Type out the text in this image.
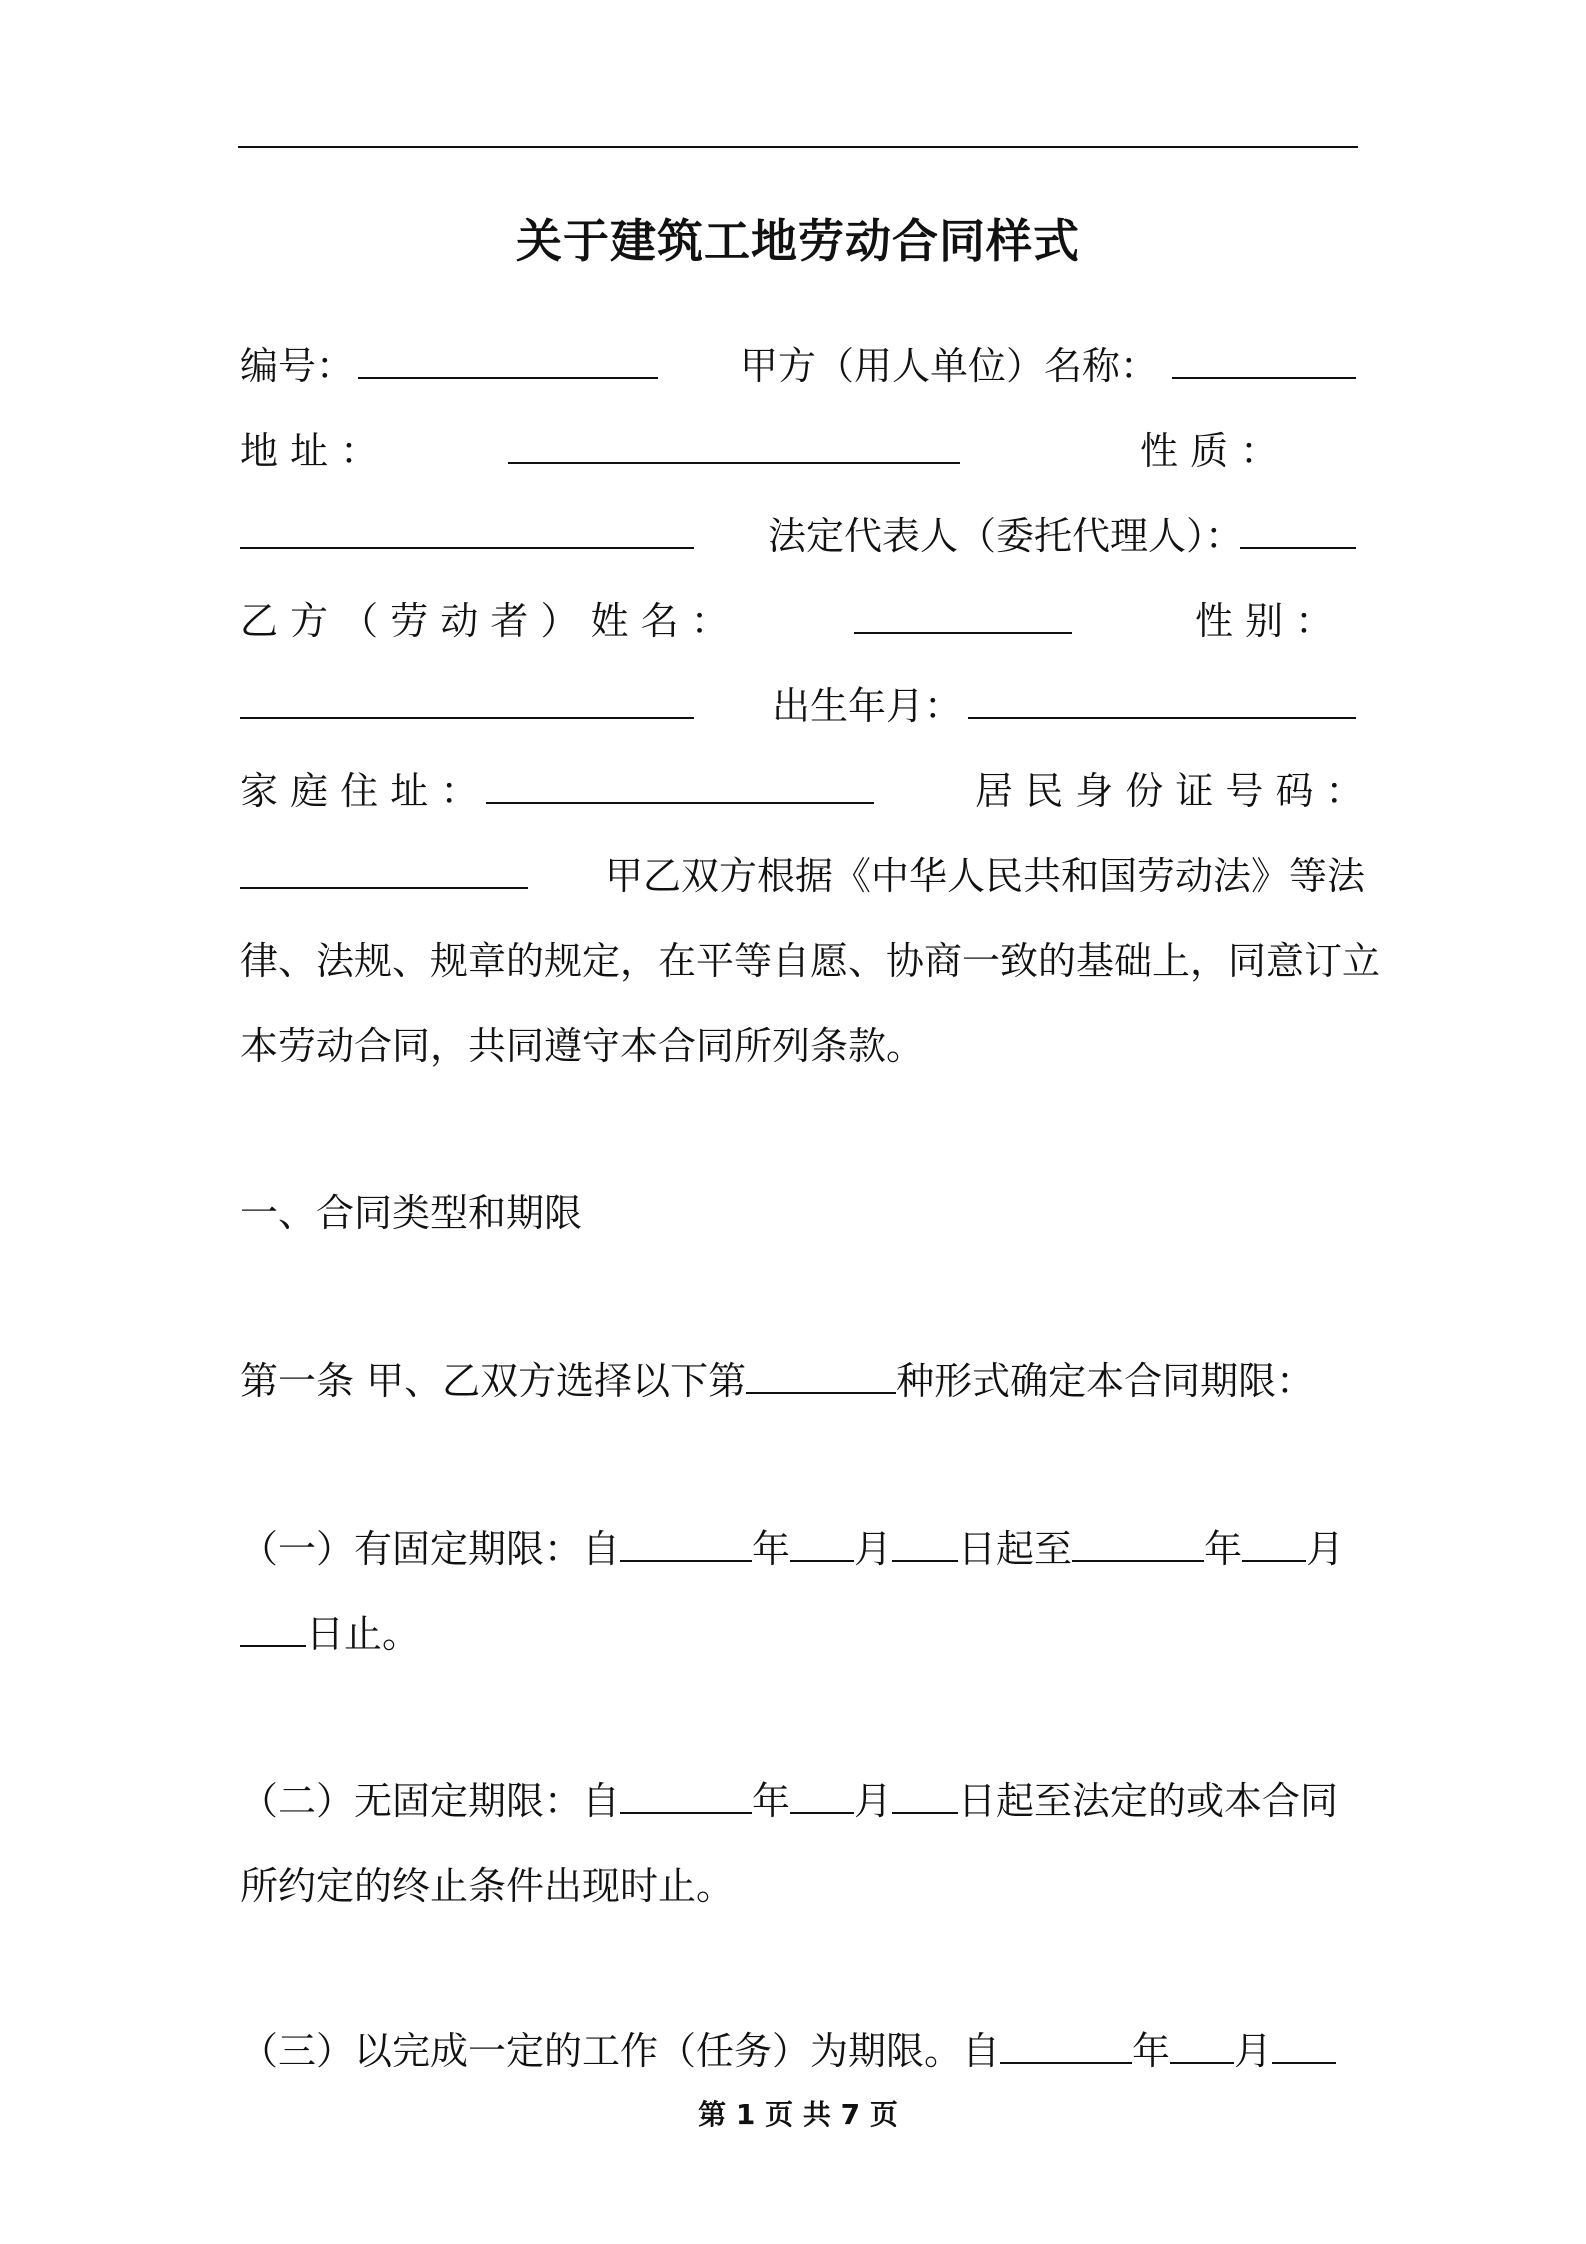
关于建筑工地劳动合同样式
编号：	甲方（用人单位）名称：
地 址 ：	性 质 ：
法定代表人（委托代理人）：
乙 方 （ 劳 动 者 ） 姓 名 ：	性 别 ：
出生年月：
家 庭 住 址 ：	居 民 身 份 证 号 码 ：
甲乙双方根据《中华人民共和国劳动法》等法
律、法规、规章的规定，在平等自愿、协商一致的基础上，同意订立
本劳动合同，共同遵守本合同所列条款。
一、合同类型和期限
第一条 甲、乙双方选择以下第	种形式确定本合同期限：
（一）有固定期限：自	年 月 日起至	年 月
日止。
（二）无固定期限：自	年 月 日起至法定的或本合同
所约定的终止条件出现时止。
（三）以完成一定的工作（任务）为期限。自	年 月
第 1 页 共 7 页
